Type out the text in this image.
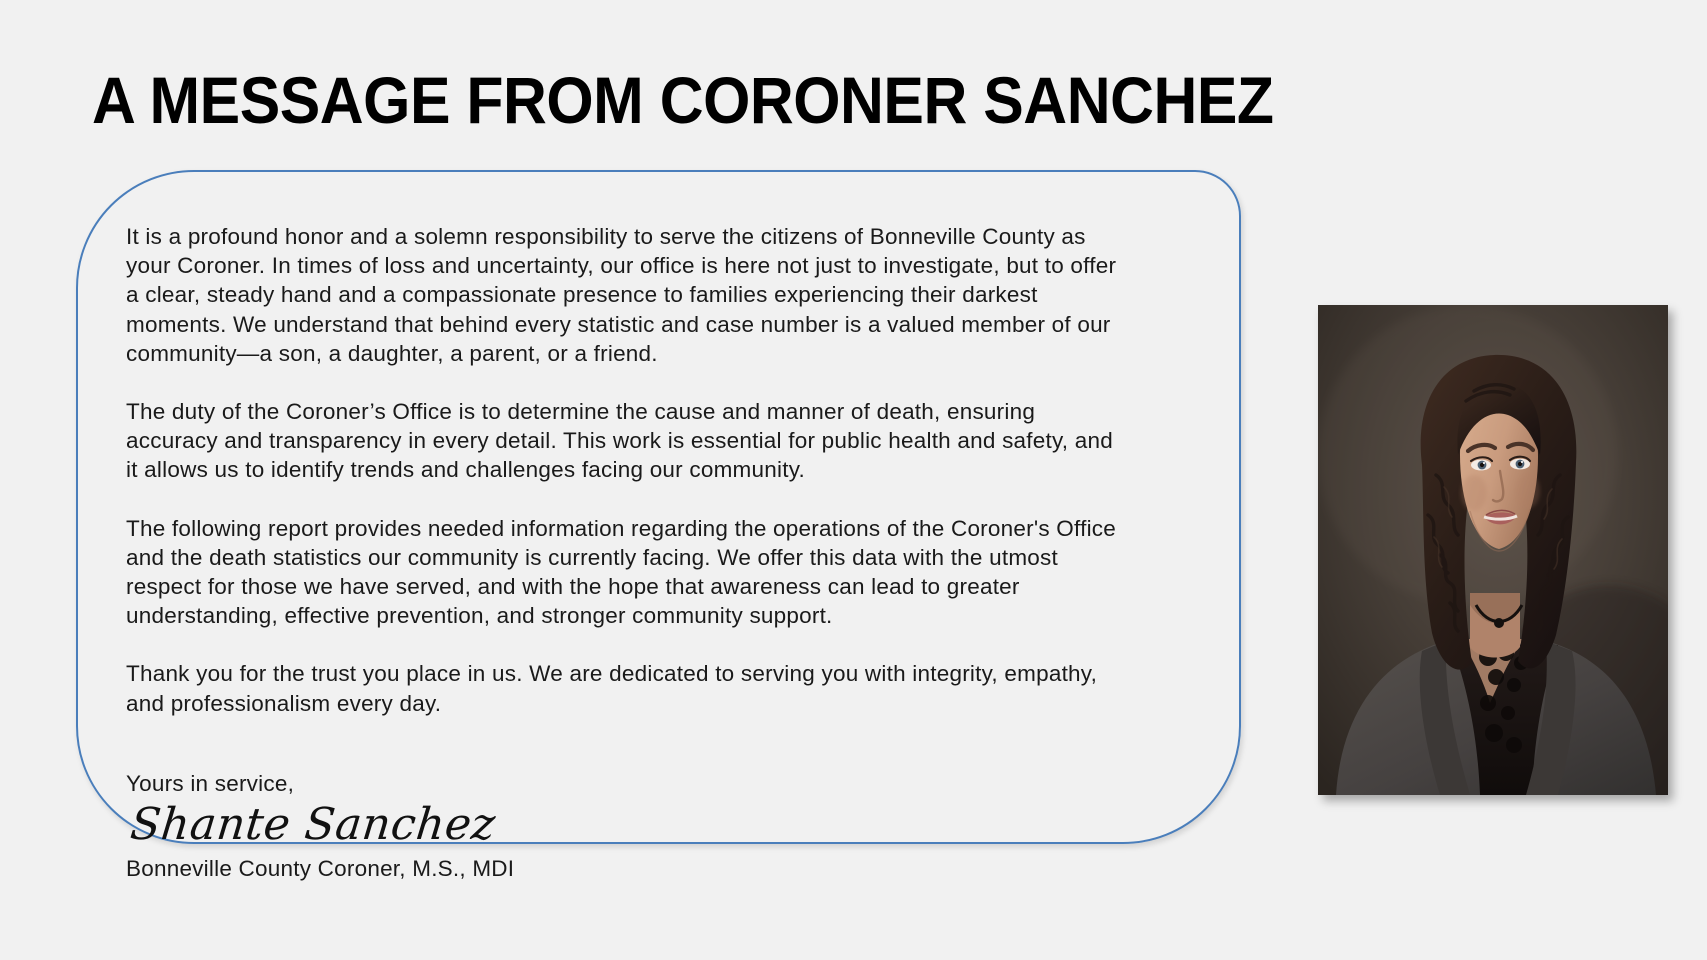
A MESSAGE FROM CORONER SANCHEZ

It is a profound honor and a solemn responsibility to serve the citizens of Bonneville County as your Coroner. In times of loss and uncertainty, our office is here not just to investigate, but to offer a clear, steady hand and a compassionate presence to families experiencing their darkest moments. We understand that behind every statistic and case number is a valued member of our community—a son, a daughter, a parent, or a friend.

The duty of the Coroner’s Office is to determine the cause and manner of death, ensuring accuracy and transparency in every detail. This work is essential for public health and safety, and it allows us to identify trends and challenges facing our community.

The following report provides needed information regarding the operations of the Coroner's Office and the death statistics our community is currently facing. We offer this data with the utmost respect for those we have served, and with the hope that awareness can lead to greater understanding, effective prevention, and stronger community support.

Thank you for the trust you place in us. We are dedicated to serving you with integrity, empathy, and professionalism every day.

Yours in service,

Shante Sanchez
Bonneville County Coroner, M.S., MDI
